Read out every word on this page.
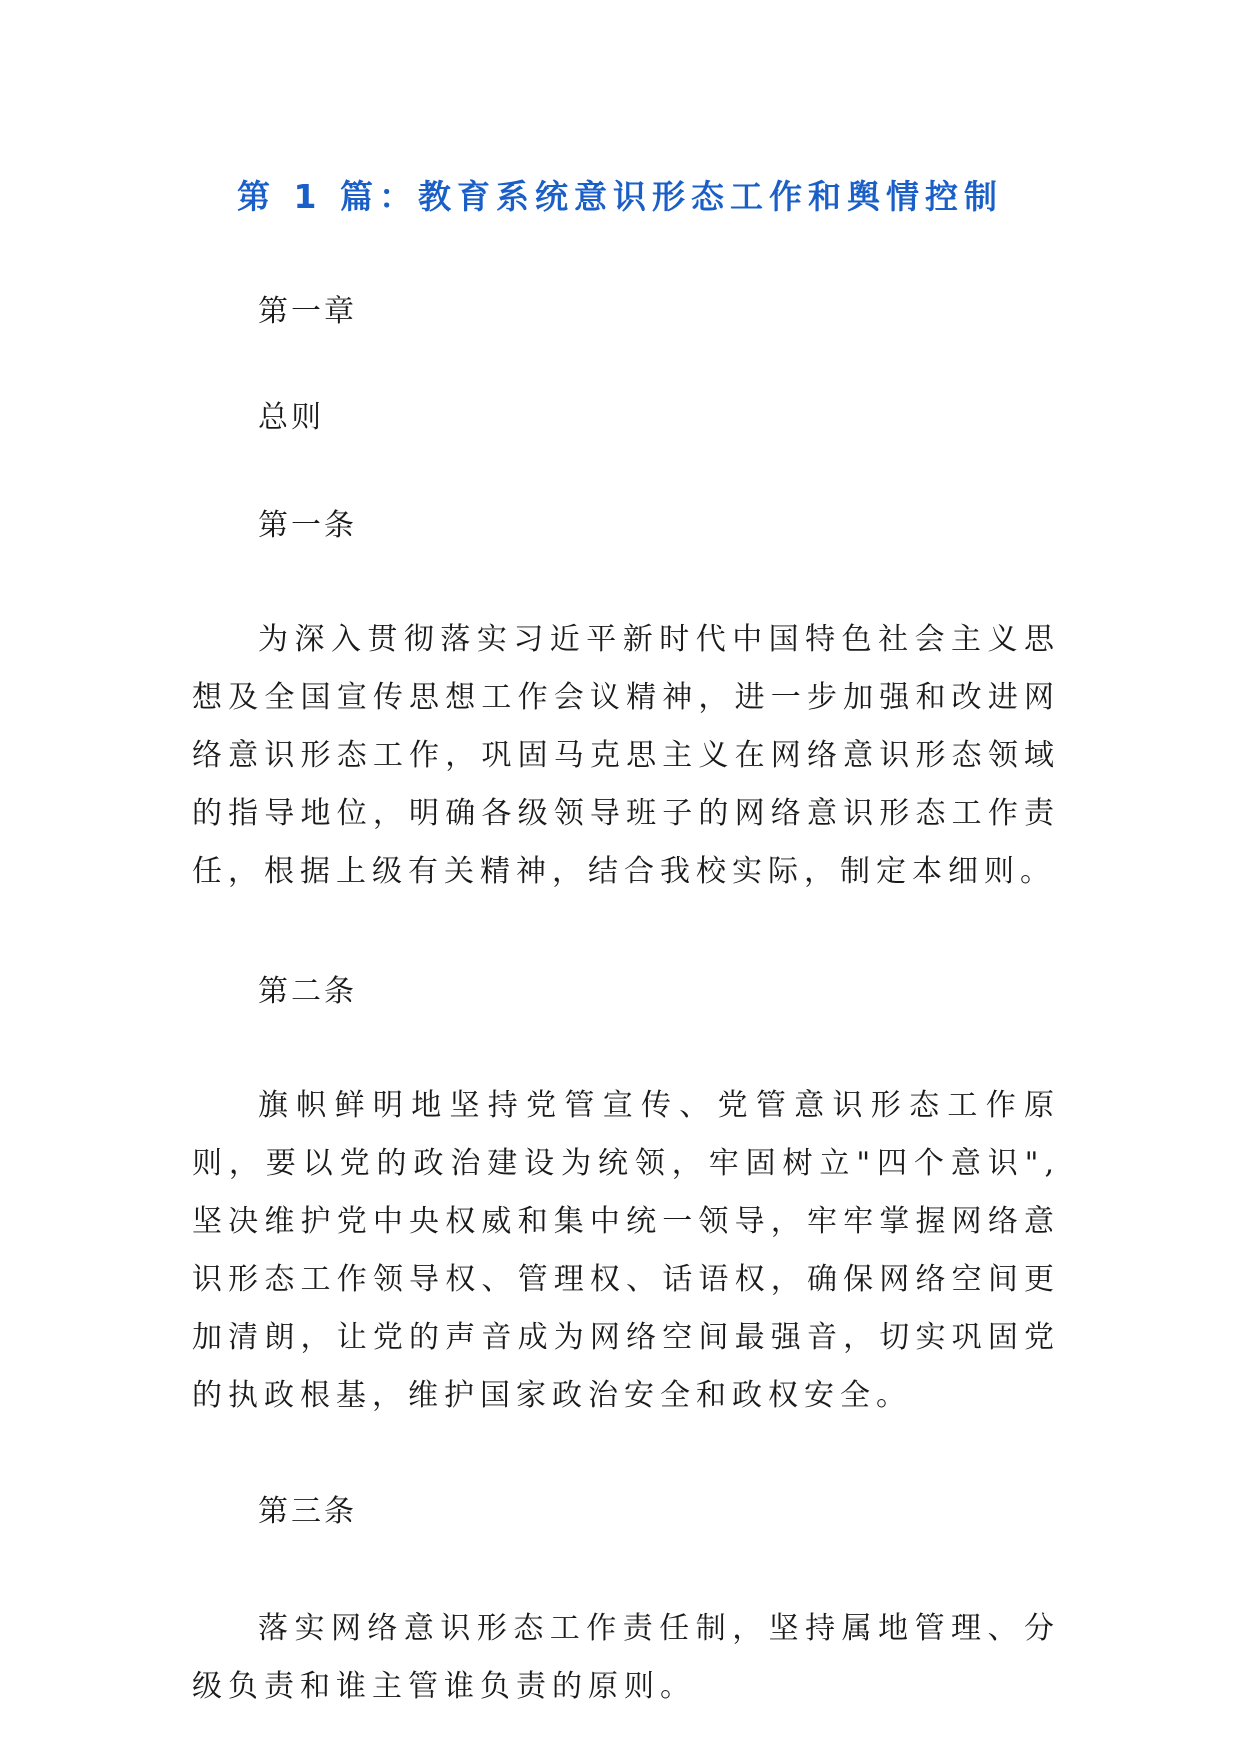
第 1 篇：教育系统意识形态工作和舆情控制
第一章
总则
第一条

为深入贯彻落实习近平新时代中国特色社会主义思想及全国宣传思想工作会议精神，进一步加强和改进网络意识形态工作，巩固马克思主义在网络意识形态领域的指导地位，明确各级领导班子的网络意识形态工作责任，根据上级有关精神，结合我校实际，制定本细则。

第二条

旗帜鲜明地坚持党管宣传、党管意识形态工作原则，要以党的政治建设为统领，牢固树立"四个意识",坚决维护党中央权威和集中统一领导，牢牢掌握网络意识形态工作领导权、管理权、话语权，确保网络空间更加清朗，让党的声音成为网络空间最强音，切实巩固党的执政根基，维护国家政治安全和政权安全。

第三条

落实网络意识形态工作责任制，坚持属地管理、分级负责和谁主管谁负责的原则。
